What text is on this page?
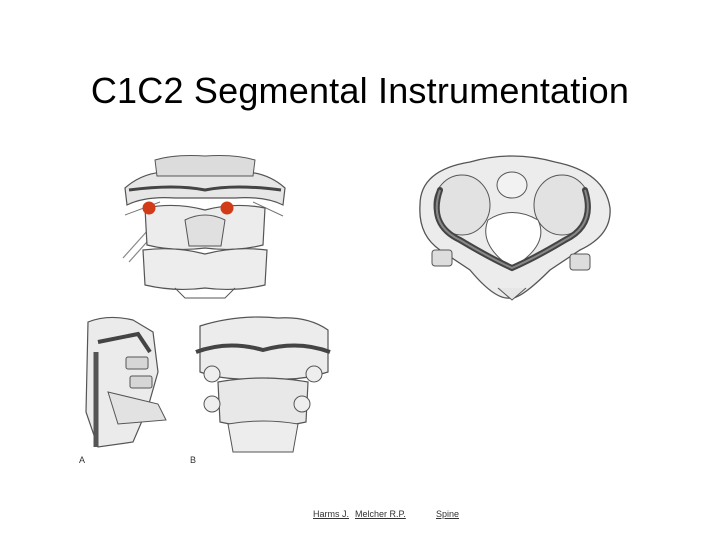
C1C2 Segmental Instrumentation
A	B
Harms J. Melcher R.P.	Spine
